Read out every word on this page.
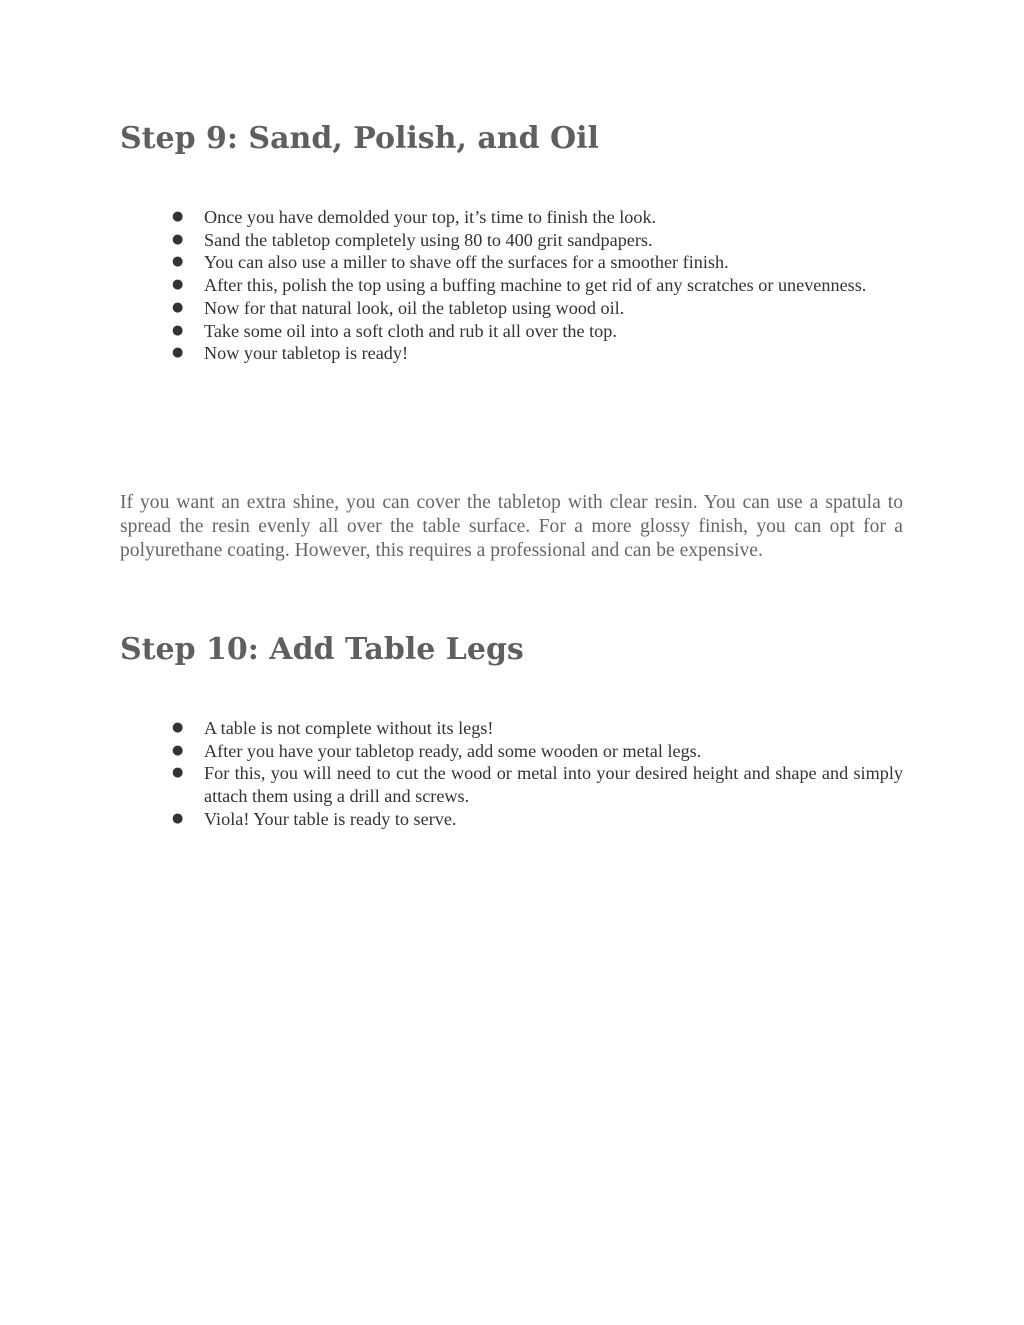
Step 9: Sand, Polish, and Oil
● Once you have demolded your top, it’s time to finish the look.
● Sand the tabletop completely using 80 to 400 grit sandpapers.
● You can also use a miller to shave off the surfaces for a smoother finish.
● After this, polish the top using a buffing machine to get rid of any scratches or unevenness.
● Now for that natural look, oil the tabletop using wood oil.
● Take some oil into a soft cloth and rub it all over the top.
● Now your tabletop is ready!

If you want an extra shine, you can cover the tabletop with clear resin. You can use a spatula to spread the resin evenly all over the table surface. For a more glossy finish, you can opt for a polyurethane coating. However, this requires a professional and can be expensive.

Step 10: Add Table Legs
● A table is not complete without its legs!
● After you have your tabletop ready, add some wooden or metal legs.
● For this, you will need to cut the wood or metal into your desired height and shape and simply attach them using a drill and screws.
● Viola! Your table is ready to serve.
